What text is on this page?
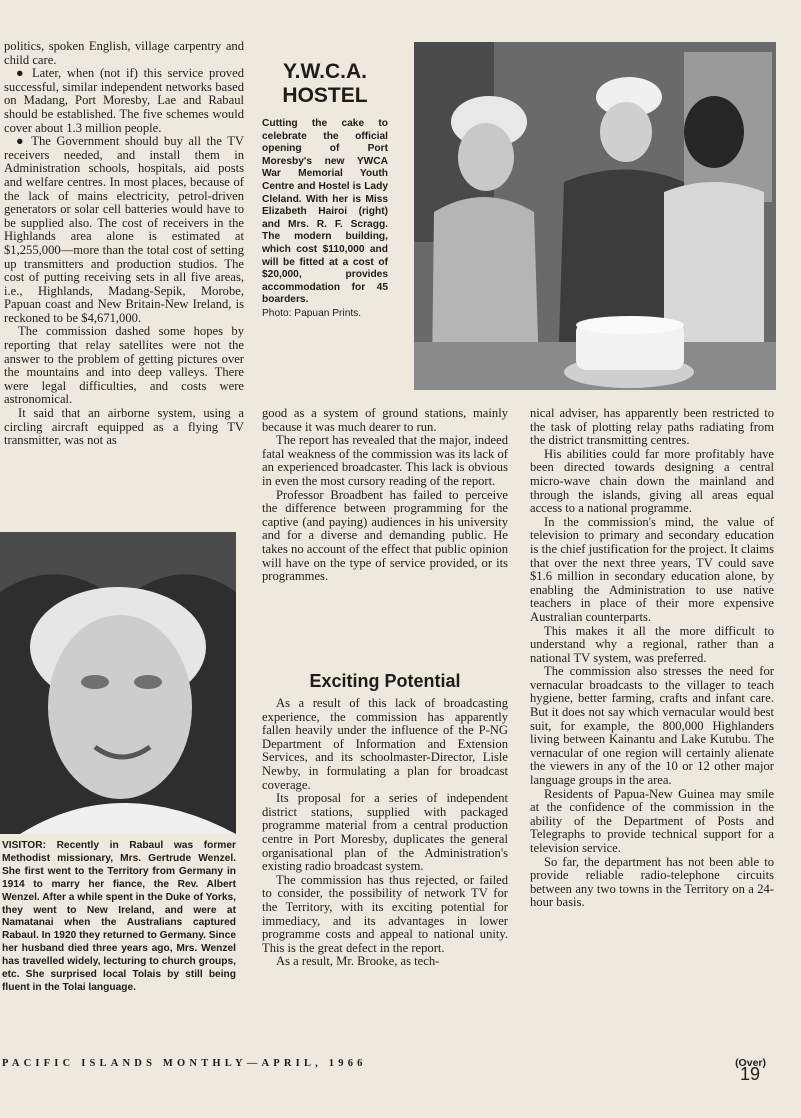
politics, spoken English, village carpentry and child care.

● Later, when (not if) this service proved successful, similar independent networks based on Madang, Port Moresby, Lae and Rabaul should be established. The five schemes would cover about 1.3 million people.

● The Government should buy all the TV receivers needed, and install them in Administration schools, hospitals, aid posts and welfare centres. In most places, because of the lack of mains electricity, petrol-driven generators or solar cell batteries would have to be supplied also. The cost of receivers in the Highlands area alone is estimated at $1,255,000—more than the total cost of setting up transmitters and production studios. The cost of putting receiving sets in all five areas, i.e., Highlands, Madang-Sepik, Morobe, Papuan coast and New Britain-New Ireland, is reckoned to be $4,671,000.

The commission dashed some hopes by reporting that relay satellites were not the answer to the problem of getting pictures over the mountains and into deep valleys. There were legal difficulties, and costs were astronomical.

It said that an airborne system, using a circling aircraft equipped as a flying TV transmitter, was not as

Y.W.C.A.
HOSTEL
Cutting the cake to celebrate the official opening of Port Moresby's new YWCA War Memorial Youth Centre and Hostel is Lady Cleland. With her is Miss Elizabeth Hairoi (right) and Mrs. R. F. Scragg. The modern building, which cost $110,000 and will be fitted at a cost of $20,000, provides accommodation for 45 boarders.
Photo: Papuan Prints.
VISITOR: Recently in Rabaul was former Methodist missionary, Mrs. Gertrude Wenzel. She first went to the Territory from Germany in 1914 to marry her fiance, the Rev. Albert Wenzel. After a while spent in the Duke of Yorks, they went to New Ireland, and were at Namatanai when the Australians captured Rabaul. In 1920 they returned to Germany. Since her husband died three years ago, Mrs. Wenzel has travelled widely, lecturing to church groups, etc. She surprised local Tolais by still being fluent in the Tolai language.

good as a system of ground stations, mainly because it was much dearer to run.

The report has revealed that the major, indeed fatal weakness of the commission was its lack of an experienced broadcaster. This lack is obvious in even the most cursory reading of the report.

Professor Broadbent has failed to perceive the difference between programming for the captive (and paying) audiences in his university and for a diverse and demanding public. He takes no account of the effect that public opinion will have on the type of service provided, or its programmes.

Exciting Potential

As a result of this lack of broadcasting experience, the commission has apparently fallen heavily under the influence of the P-NG Department of Information and Extension Services, and its schoolmaster-Director, Lisle Newby, in formulating a plan for broadcast coverage.

Its proposal for a series of independent district stations, supplied with packaged programme material from a central production centre in Port Moresby, duplicates the general organisational plan of the Administration's existing radio broadcast system.

The commission has thus rejected, or failed to consider, the possibility of network TV for the Territory, with its exciting potential for immediacy, and its advantages in lower programme costs and appeal to national unity. This is the great defect in the report.

As a result, Mr. Brooke, as tech-

nical adviser, has apparently been restricted to the task of plotting relay paths radiating from the district transmitting centres.

His abilities could far more profitably have been directed towards designing a central micro-wave chain down the mainland and through the islands, giving all areas equal access to a national programme.

In the commission's mind, the value of television to primary and secondary education is the chief justification for the project. It claims that over the next three years, TV could save $1.6 million in secondary education alone, by enabling the Administration to use native teachers in place of their more expensive Australian counterparts.

This makes it all the more difficult to understand why a regional, rather than a national TV system, was preferred.

The commission also stresses the need for vernacular broadcasts to the villager to teach hygiene, better farming, crafts and infant care. But it does not say which vernacular would best suit, for example, the 800,000 Highlanders living between Kainantu and Lake Kutubu. The vernacular of one region will certainly alienate the viewers in any of the 10 or 12 other major language groups in the area.

Residents of Papua-New Guinea may smile at the confidence of the commission in the ability of the Department of Posts and Telegraphs to provide technical support for a television service.

So far, the department has not been able to provide reliable radio-telephone circuits between any two towns in the Territory on a 24-hour basis.

(Over)
PACIFIC ISLANDS MONTHLY—APRIL, 1966
19
